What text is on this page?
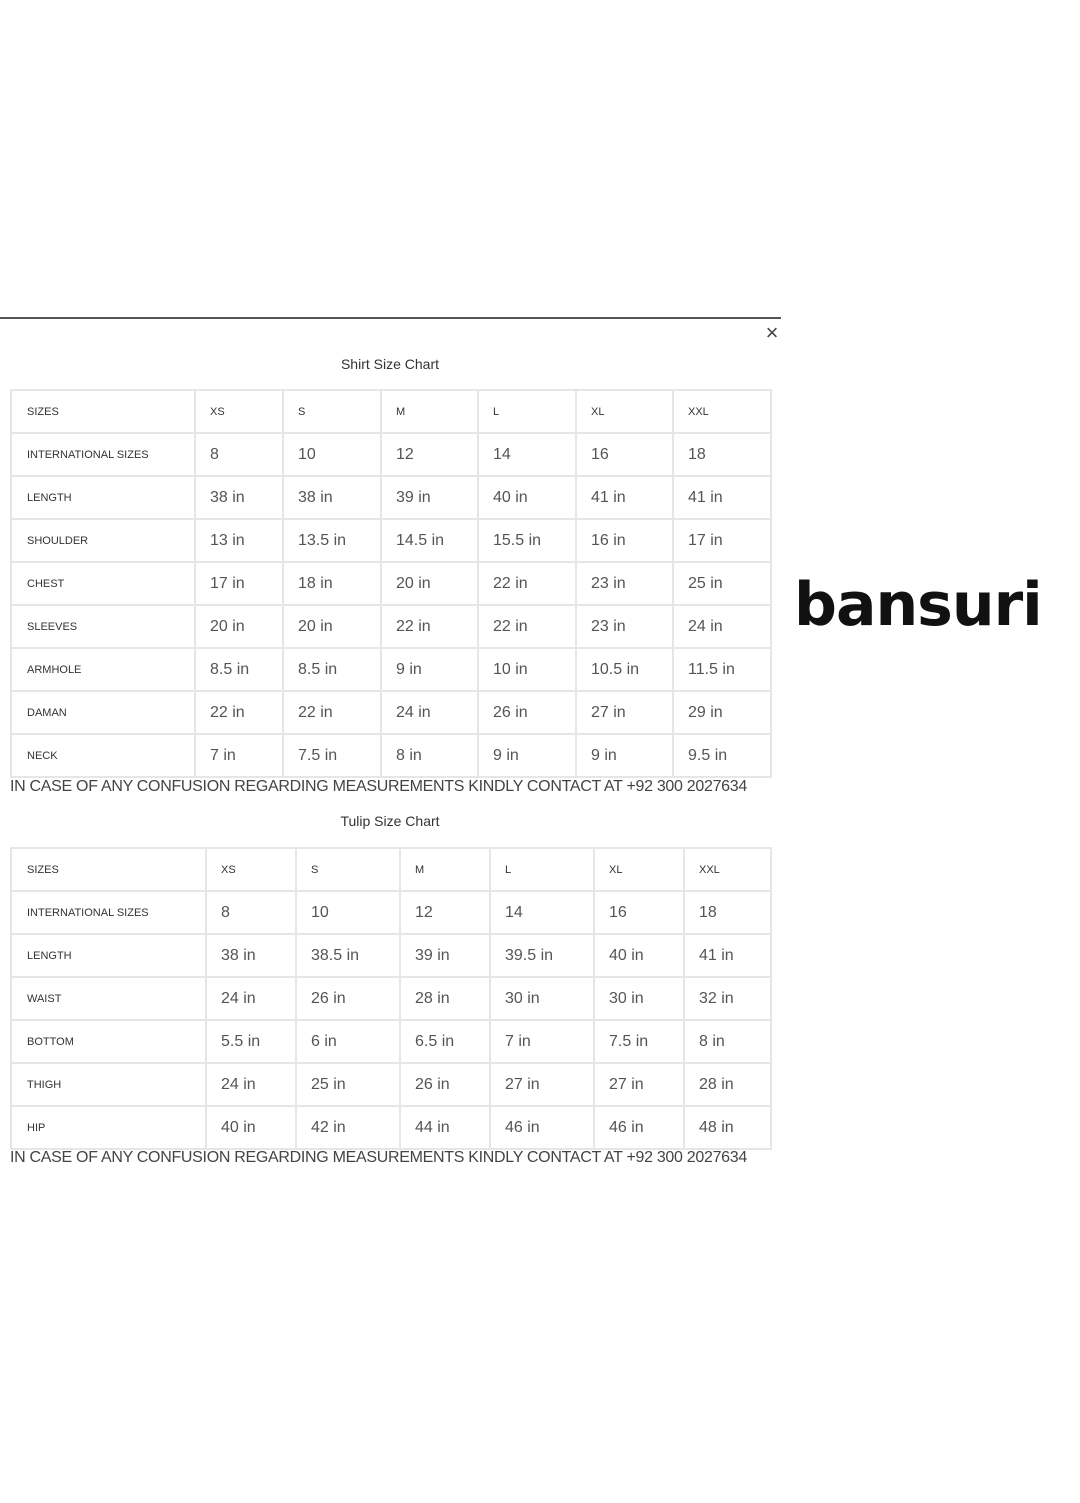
×
Shirt Size Chart
SIZES	XS	S	M	L	XL	XXL
INTERNATIONAL SIZES	8	10	12	14	16	18
LENGTH	38 in	38 in	39 in	40 in	41 in	41 in
SHOULDER	13 in	13.5 in	14.5 in	15.5 in	16 in	17 in
CHEST	17 in	18 in	20 in	22 in	23 in	25 in
SLEEVES	20 in	20 in	22 in	22 in	23 in	24 in
ARMHOLE	8.5 in	8.5 in	9 in	10 in	10.5 in	11.5 in
DAMAN	22 in	22 in	24 in	26 in	27 in	29 in
NECK	7 in	7.5 in	8 in	9 in	9 in	9.5 in
IN CASE OF ANY CONFUSION REGARDING MEASUREMENTS KINDLY CONTACT AT +92 300 2027634
Tulip Size Chart
SIZES	XS	S	M	L	XL	XXL
INTERNATIONAL SIZES	8	10	12	14	16	18
LENGTH	38 in	38.5 in	39 in	39.5 in	40 in	41 in
WAIST	24 in	26 in	28 in	30 in	30 in	32 in
BOTTOM	5.5 in	6 in	6.5 in	7 in	7.5 in	8 in
THIGH	24 in	25 in	26 in	27 in	27 in	28 in
HIP	40 in	42 in	44 in	46 in	46 in	48 in
IN CASE OF ANY CONFUSION REGARDING MEASUREMENTS KINDLY CONTACT AT +92 300 2027634
bansuri
